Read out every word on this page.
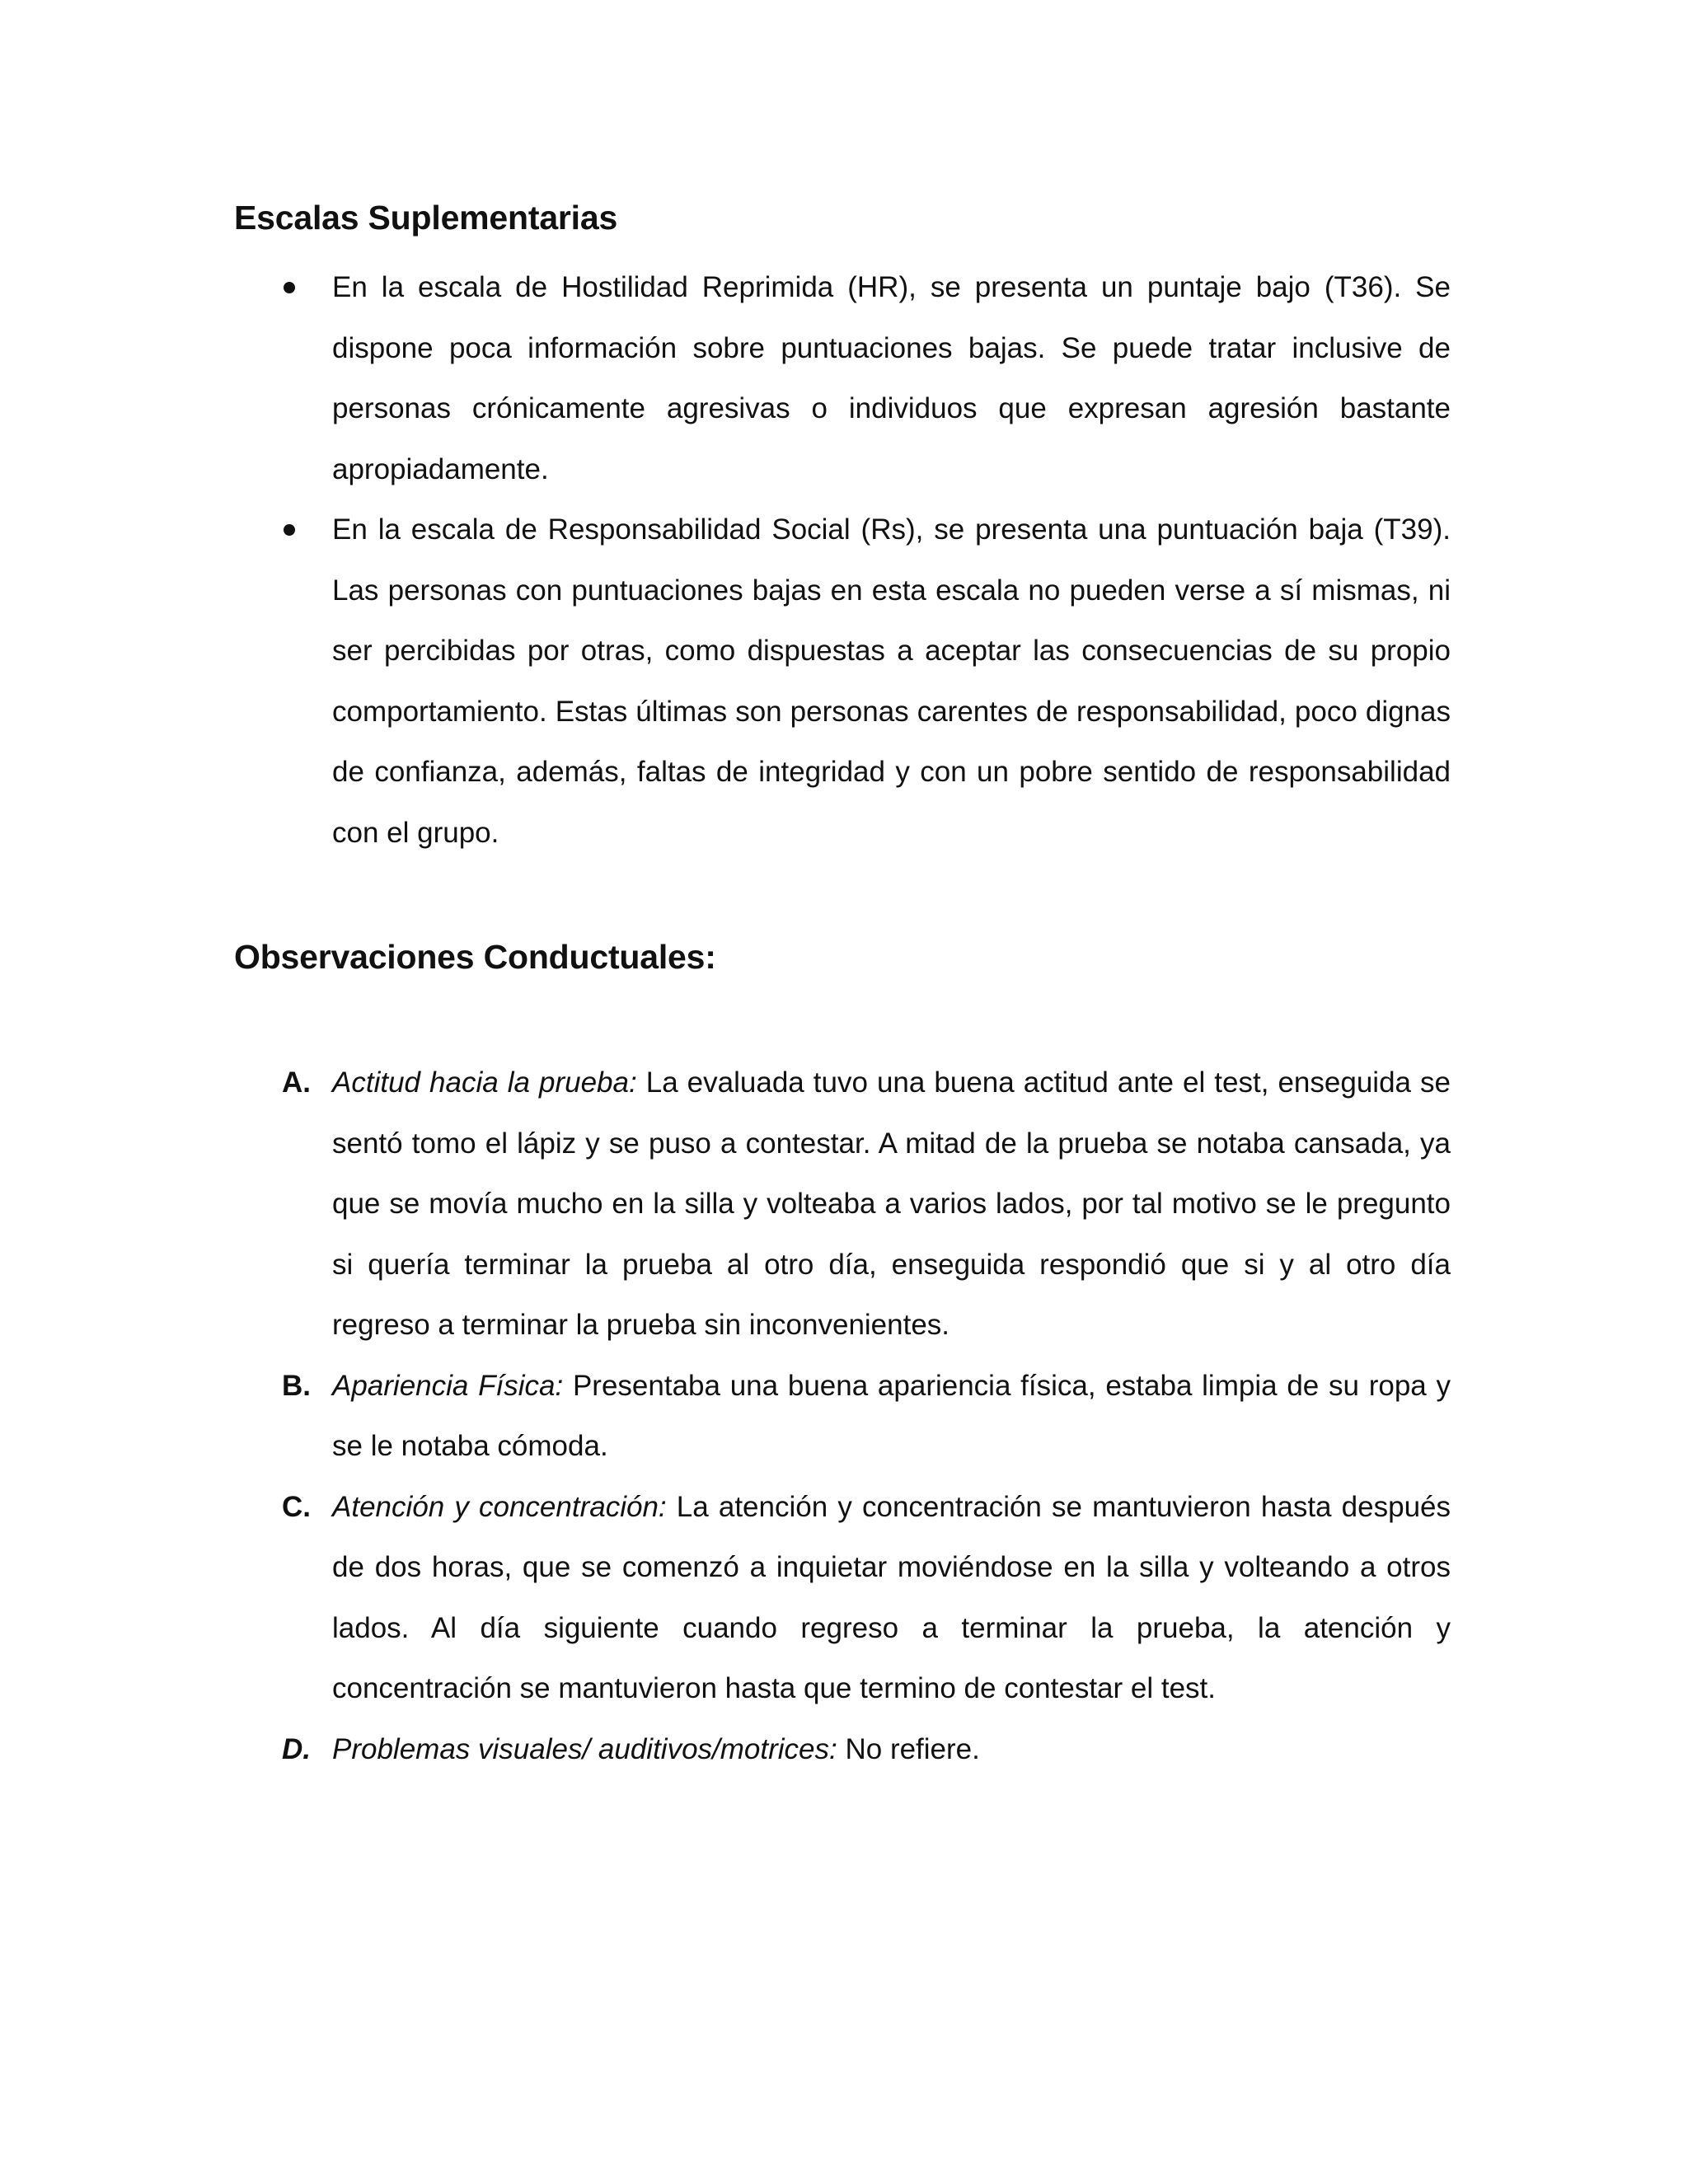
Escalas Suplementarias
En la escala de Hostilidad Reprimida (HR), se presenta un puntaje bajo (T36). Se dispone poca información sobre puntuaciones bajas. Se puede tratar inclusive de personas crónicamente agresivas o individuos que expresan agresión bastante apropiadamente.
En la escala de Responsabilidad Social (Rs), se presenta una puntuación baja (T39). Las personas con puntuaciones bajas en esta escala no pueden verse a sí mismas, ni ser percibidas por otras, como dispuestas a aceptar las consecuencias de su propio comportamiento. Estas últimas son personas carentes de responsabilidad, poco dignas de confianza, además, faltas de integridad y con un pobre sentido de responsabilidad con el grupo.
Observaciones Conductuales:
A. Actitud hacia la prueba: La evaluada tuvo una buena actitud ante el test, enseguida se sentó tomo el lápiz y se puso a contestar. A mitad de la prueba se notaba cansada, ya que se movía mucho en la silla y volteaba a varios lados, por tal motivo se le pregunto si quería terminar la prueba al otro día, enseguida respondió que si y al otro día regreso a terminar la prueba sin inconvenientes.
B. Apariencia Física: Presentaba una buena apariencia física, estaba limpia de su ropa y se le notaba cómoda.
C. Atención y concentración: La atención y concentración se mantuvieron hasta después de dos horas, que se comenzó a inquietar moviéndose en la silla y volteando a otros lados. Al día siguiente cuando regreso a terminar la prueba, la atención y concentración se mantuvieron hasta que termino de contestar el test.
D. Problemas visuales/ auditivos/motrices: No refiere.
